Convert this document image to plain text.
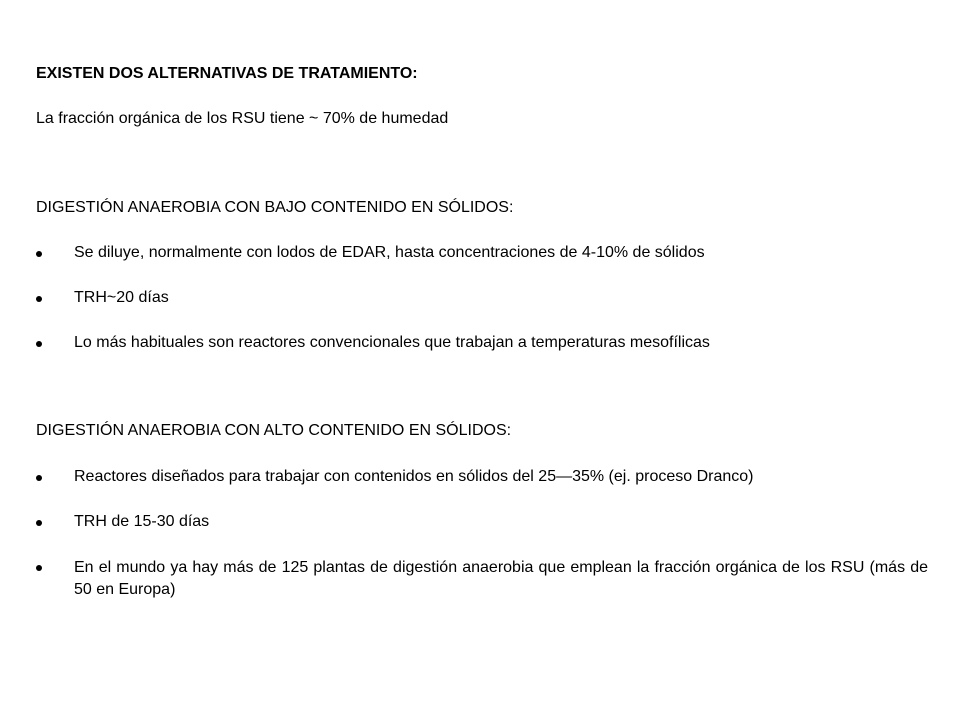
EXISTEN DOS ALTERNATIVAS DE TRATAMIENTO:
La fracción orgánica de los RSU tiene ~ 70% de humedad
DIGESTIÓN ANAEROBIA CON BAJO CONTENIDO EN SÓLIDOS:
Se diluye, normalmente con lodos de EDAR, hasta concentraciones de 4-10% de sólidos
TRH~20 días
Lo más habituales son reactores convencionales que trabajan a temperaturas mesofílicas
DIGESTIÓN ANAEROBIA CON ALTO CONTENIDO EN SÓLIDOS:
Reactores diseñados para trabajar con contenidos en sólidos del 25—35% (ej. proceso Dranco)
TRH de 15-30 días
En el mundo ya hay más de 125 plantas de digestión anaerobia que emplean la fracción orgánica de los RSU (más de 50 en Europa)
